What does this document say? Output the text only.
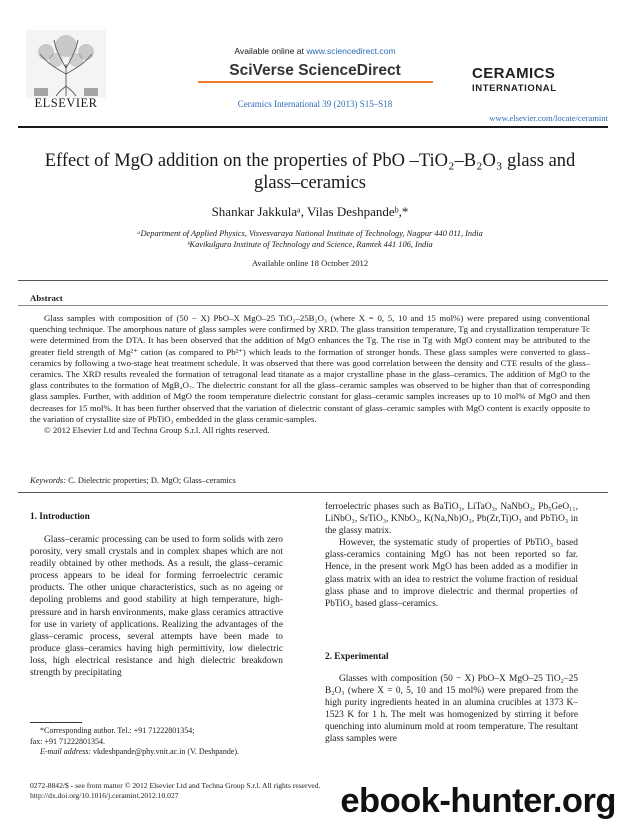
ELSEVIER
Available online at www.sciencedirect.com
SciVerse ScienceDirect
Ceramics International 39 (2013) S15–S18
CERAMICS
INTERNATIONAL
www.elsevier.com/locate/ceramint
Effect of MgO addition on the properties of PbO –TiO₂–B₂O₃ glass and glass–ceramics
Shankar Jakkulaᵃ, Vilas Deshpandeᵇ,*
ᵃDepartment of Applied Physics, Visvesvaraya National Institute of Technology, Nagpur 440 011, India
ᵇKavikulguru Institute of Technology and Science, Ramtek 441 106, India
Available online 18 October 2012
Abstract
Glass samples with composition of (50 − X) PbO–X MgO–25 TiO₂–25B₂O₃ (where X = 0, 5, 10 and 15 mol%) were prepared using conventional quenching technique. The amorphous nature of glass samples were confirmed by XRD. The glass transition temperature, Tg and crystallization temperature Tc were determined from the DTA. It has been observed that the addition of MgO enhances the Tg. The rise in Tg with MgO content may be attributed to the greater field strength of Mg²⁺ cation (as compared to Pb²⁺) which leads to the formation of stronger bonds. These glass samples were converted to glass–ceramics by following a two-stage heat treatment schedule. It was observed that there was good correlation between the density and CTE results of the glass–ceramics. The XRD results revealed the formation of tetragonal lead titanate as a major crystalline phase in the glass–ceramics. The addition of MgO to the glass contributes to the formation of MgB₄O₇. The dielectric constant for all the glass–ceramic samples was observed to be higher than that of corresponding glass samples. Further, with addition of MgO the room temperature dielectric constant for glass–ceramic samples increases up to 10 mol% of MgO and then decreases for 15 mol%. It has been further observed that the variation of dielectric constant of glass–ceramic samples with MgO content is exactly opposite to the variation of crystallite size of PbTiO₃ embedded in the glass ceramic-samples.
© 2012 Elsevier Ltd and Techna Group S.r.l. All rights reserved.
Keywords: C. Dielectric properties; D. MgO; Glass–ceramics
1. Introduction

Glass–ceramic processing can be used to form solids with zero porosity, very small crystals and in complex shapes which are not readily obtained by other methods. As a result, the glass–ceramic process appears to be ideal for forming ferroelectric ceramic products. The other unique characteristics, such as no ageing or depoling problems and good stability at high temperature, high-pressure and in harsh environments, make glass ceramics attractive for use in variety of applications. Realizing the advantages of the glass–ceramic process, several attempts have been made to produce glass–ceramics having high permittivity, low dielectric loss, high electrical resistance and high dielectric breakdown strength by precipitating

ferroelectric phases such as BaTiO₃, LiTaO₃, NaNbO₃, Pb₅GeO₁₁, LiNbO₃, SrTiO₃, KNbO₃, K(Na,Nb)O₃, Pb(Zr,Ti)O₃ and PbTiO₃ in the glassy matrix.

However, the systematic study of properties of PbTiO₃ based glass-ceramics containing MgO has not been reported so far. Hence, in the present work MgO has been added as a modifier in glass matrix with an idea to restrict the volume fraction of residual glass phase and to improve dielectric and thermal properties of PbTiO₃ based glass–ceramics.

2. Experimental

Glasses with composition (50 − X) PbO–X MgO–25 TiO₂–25 B₂O₃ (where X = 0, 5, 10 and 15 mol%) were prepared from the high purity ingredients heated in an alumina crucibles at 1373 K–1523 K for 1 h. The melt was homogenized by stirring it before quenching into aluminum mold at room temperature. The resultant glass samples were

*Corresponding author. Tel.: +91 71222801354;
fax: +91 71222801354.
E-mail address: vkdeshpande@phy.vnit.ac.in (V. Deshpande).
0272-8842/$ - see front matter © 2012 Elsevier Ltd and Techna Group S.r.l. All rights reserved.
http://dx.doi.org/10.1016/j.ceramint.2012.10.027	ebook-hunter.org
